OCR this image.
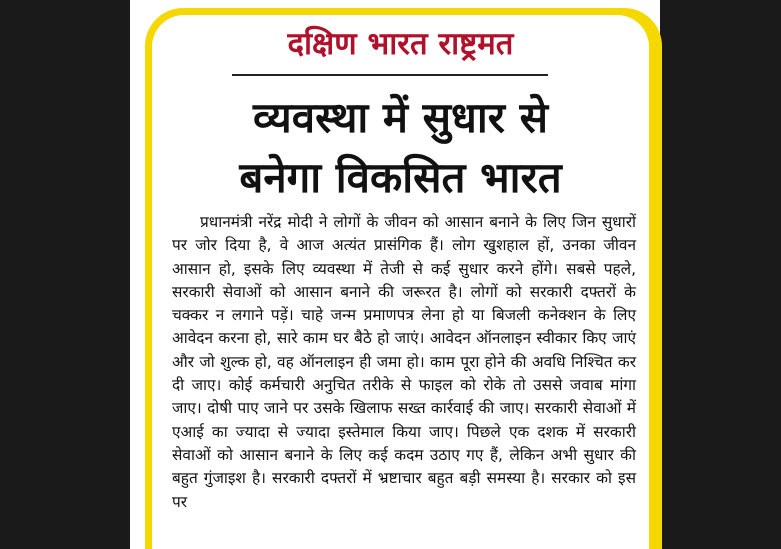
दक्षिण भारत राष्ट्रमत
व्यवस्था में सुधार से
बनेगा विकसित भारत

प्रधानमंत्री नरेंद्र मोदी ने लोगों के जीवन को आसान बनाने के लिए जिन सुधारों पर जोर दिया है, वे आज अत्यंत प्रासंगिक हैं। लोग खुशहाल हों, उनका जीवन आसान हो, इसके लिए व्यवस्था में तेजी से कई सुधार करने होंगे। सबसे पहले, सरकारी सेवाओं को आसान बनाने की जरूरत है। लोगों को सरकारी दफ्तरों के चक्कर न लगाने पड़ें। चाहे जन्म प्रमाणपत्र लेना हो या बिजली कनेक्शन के लिए आवेदन करना हो, सारे काम घर बैठे हो जाएं। आवेदन ऑनलाइन स्वीकार किए जाएं और जो शुल्क हो, वह ऑनलाइन ही जमा हो। काम पूरा होने की अवधि निश्चित कर दी जाए। कोई कर्मचारी अनुचित तरीके से फाइल को रोके तो उससे जवाब मांगा जाए। दोषी पाए जाने पर उसके खिलाफ सख्त कार्रवाई की जाए। सरकारी सेवाओं में एआई का ज्यादा से ज्यादा इस्तेमाल किया जाए। पिछले एक दशक में सरकारी सेवाओं को आसान बनाने के लिए कई कदम उठाए गए हैं, लेकिन अभी सुधार की बहुत गुंजाइश है। सरकारी दफ्तरों में भ्रष्टाचार बहुत बड़ी समस्या है। सरकार को इस पर
